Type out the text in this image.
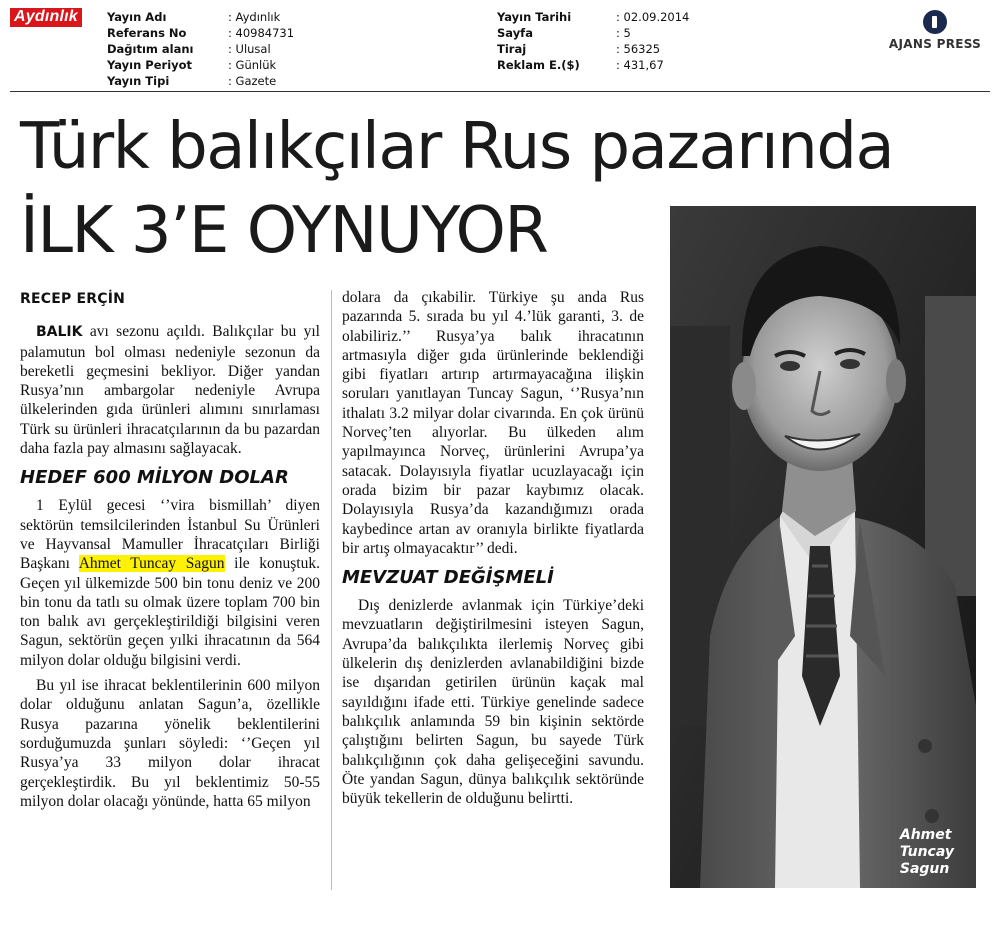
Aydınlık	Yayın Adı	: Aydınlık
Referans No	: 40984731
Dağıtım alanı	: Ulusal
Yayın Periyot	: Günlük
Yayın Tipi	: Gazete
Yayın Tarihi	: 02.09.2014
Sayfa	: 5
Tiraj	: 56325
Reklam E.($)	: 431,67
AJANS PRESS
Türk balıkçılar Rus pazarında
İLK 3’E OYNUYOR
Ahmet
Tuncay
Sagun
RECEP ERÇİN

BALIK avı sezonu açıldı. Balıkçılar bu yıl palamutun bol olması nedeniyle sezonun da bereketli geçmesini bekliyor. Diğer yandan Rusya’nın ambargolar nedeniyle Avrupa ülkelerinden gıda ürünleri alımını sınırlaması Türk su ürünleri ihracatçılarının da bu pazardan daha fazla pay almasını sağlayacak.

HEDEF 600 MİLYON DOLAR

1 Eylül gecesi ‘’vira bismillah’ diyen sektörün temsilcilerinden İstanbul Su Ürünleri ve Hayvansal Mamuller İhracatçıları Birliği Başkanı Ahmet Tuncay Sagun ile konuştuk. Geçen yıl ülkemizde 500 bin tonu deniz ve 200 bin tonu da tatlı su olmak üzere toplam 700 bin ton balık avı gerçekleştirildiği bilgisini veren Sagun, sektörün geçen yılki ihracatının da 564 milyon dolar olduğu bilgisini verdi.

Bu yıl ise ihracat beklentilerinin 600 milyon dolar olduğunu anlatan Sagun’a, özellikle Rusya pazarına yönelik beklentilerini sorduğumuzda şunları söyledi: ‘’Geçen yıl Rusya’ya 33 milyon dolar ihracat gerçekleştirdik. Bu yıl beklentimiz 50-55 milyon dolar olacağı yönünde, hatta 65 milyon

dolara da çıkabilir. Türkiye şu anda Rus pazarında 5. sırada bu yıl 4.’lük garanti, 3. de olabiliriz.’’ Rusya’ya balık ihracatının artmasıyla diğer gıda ürünlerinde beklendiği gibi fiyatları artırıp artırmayacağına ilişkin soruları yanıtlayan Tuncay Sagun, ‘’Rusya’nın ithalatı 3.2 milyar dolar civarında. En çok ürünü Norveç’ten alıyorlar. Bu ülkeden alım yapılmayınca Norveç, ürünlerini Avrupa’ya satacak. Dolayısıyla fiyatlar ucuzlayacağı için orada bizim bir pazar kaybımız olacak. Dolayısıyla Rusya’da kazandığımızı orada kaybedince artan av oranıyla birlikte fiyatlarda bir artış olmayacaktır’’ dedi.

MEVZUAT DEĞİŞMELİ

Dış denizlerde avlanmak için Türkiye’deki mevzuatların değiştirilmesini isteyen Sagun, Avrupa’da balıkçılıkta ilerlemiş Norveç gibi ülkelerin dış denizlerden avlanabildiğini bizde ise dışarıdan getirilen ürünün kaçak mal sayıldığını ifade etti. Türkiye genelinde sadece balıkçılık anlamında 59 bin kişinin sektörde çalıştığını belirten Sagun, bu sayede Türk balıkçılığının çok daha gelişeceğini savundu. Öte yandan Sagun, dünya balıkçılık sektöründe büyük tekellerin de olduğunu belirtti.
